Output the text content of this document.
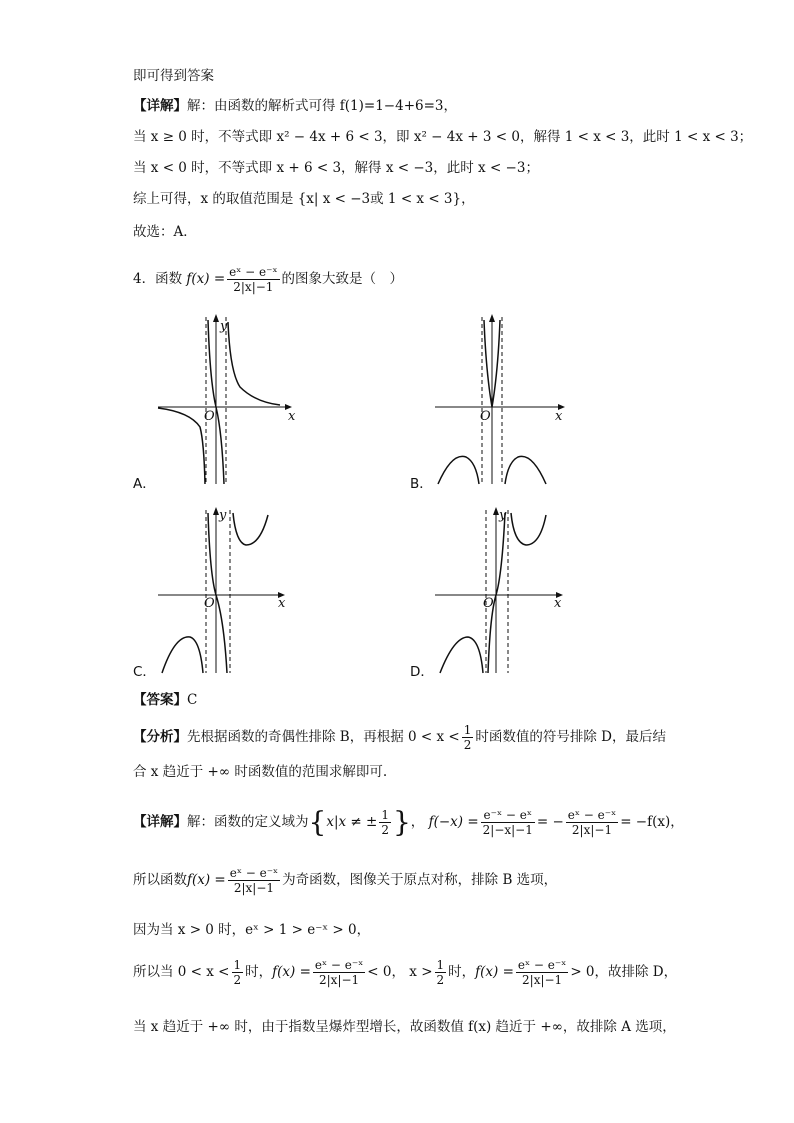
即可得到答案
【详解】解：由函数的解析式可得 f(1)=1−4+6=3，
当 x ≥ 0 时，不等式即 x² − 4x + 6 < 3，即 x² − 4x + 3 < 0，解得 1 < x < 3，此时 1 < x < 3；
当 x < 0 时，不等式即 x + 6 < 3，解得 x < −3，此时 x < −3；
综上可得，x 的取值范围是 {x| x < −3或 1 < x < 3}，
故选：A．
4．函数 $f(x) = \frac{\text{eˣ − e⁻ˣ}}{2|x|-1}$ 的图象大致是（　）
x
y
O
A．
x
O
B．
x
y
O
C．
x
y
O
D．
【答案】C
【分析】先根据函数的奇偶性排除 B，再根据 $0 < x < \frac{1}{2}$ 时函数值的符号排除 D，最后结
合 x 趋近于 +∞ 时函数值的范围求解即可.
【详解】解：函数的定义域为{x|x ≠ ± $\frac{1}{2}$ }， $f(-x) = \frac{\text{e⁻ˣ − eˣ}}{2|-x|-1}$ = − $\frac{\text{eˣ − e⁻ˣ}}{2|x|-1} = -f(x)$，
所以函数$f(x) = \frac{\text{eˣ − e⁻ˣ}}{2|x|-1}$ 为奇函数，图像关于原点对称，排除 B 选项，
因为当 x > 0 时，eˣ > 1 > e⁻ˣ > 0，
所以当 $0 < x < \frac{1}{2}$ 时，$f(x) = \frac{\text{eˣ − e⁻ˣ}}{2|x|-1} < 0$， $x > \frac{1}{2}$ 时，$f(x) = \frac{\text{eˣ − e⁻ˣ}}{2|x|-1} > 0$，故排除 D，
当 x 趋近于 +∞ 时，由于指数呈爆炸型增长，故函数值 f(x) 趋近于 +∞，故排除 A 选项，
